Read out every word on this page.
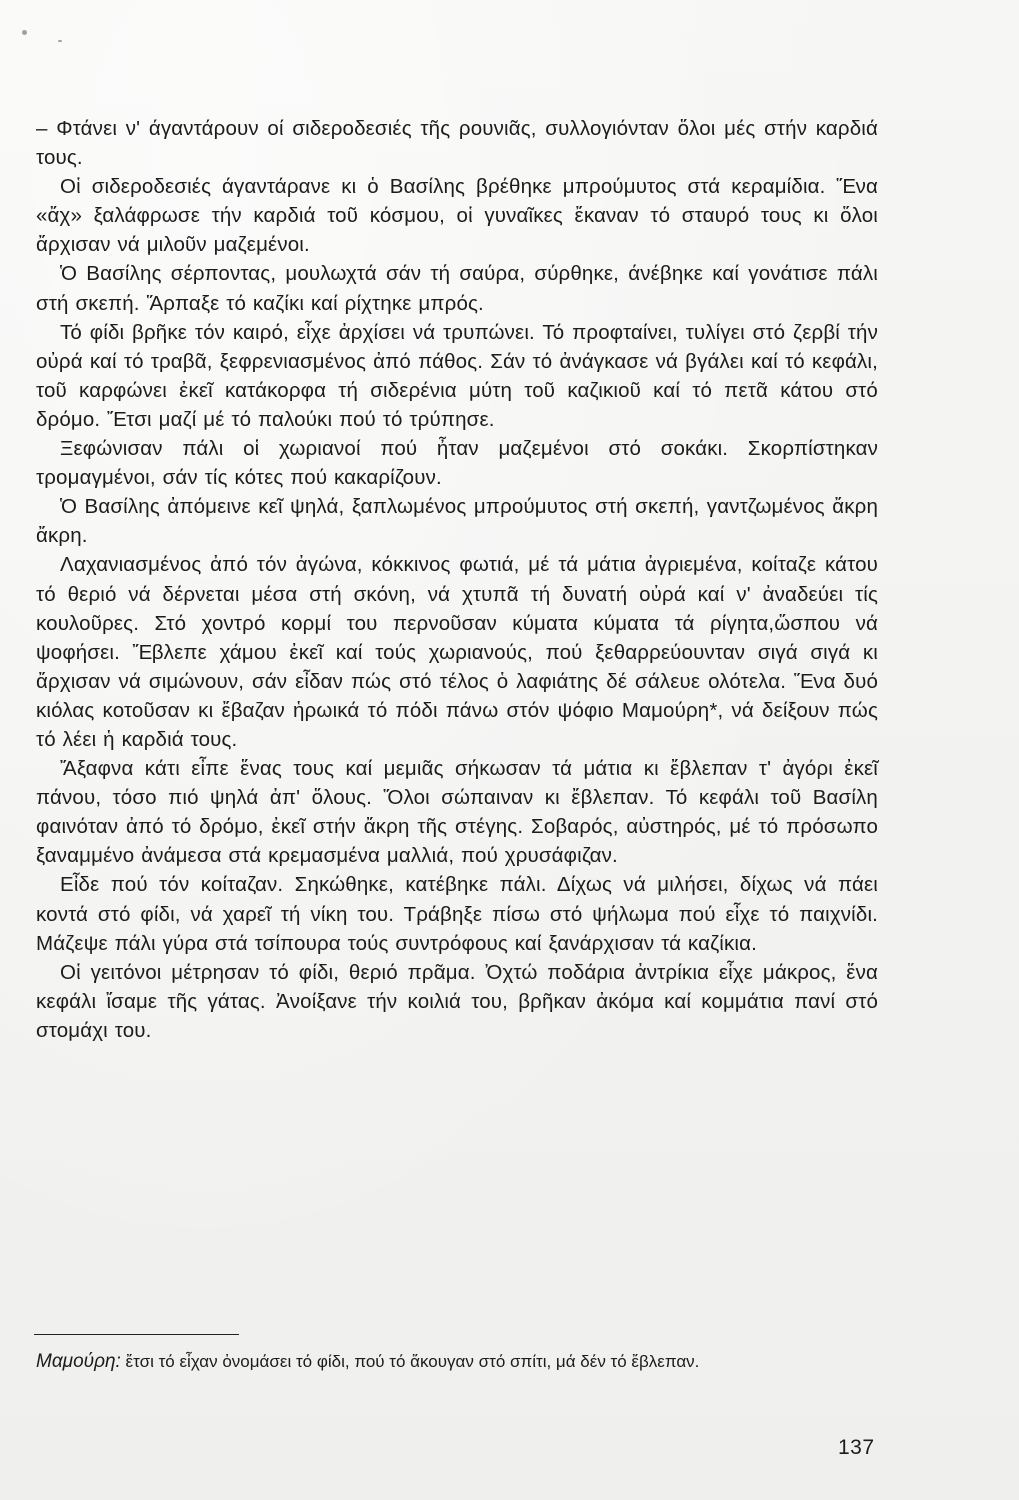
– Φτάνει ν' άγαντάρουν οί σιδεροδεσιές τῆς ρουνιᾶς, συλλογιόνταν ὅλοι μές στήν καρδιά τους.

Οἱ σιδεροδεσιές άγαντάρανε κι ὁ Βασίλης βρέθηκε μπρούμυτος στά κεραμίδια. Ἕνα «ἄχ» ξαλάφρωσε τήν καρδιά τοῦ κόσμου, οἱ γυναῖκες ἔκαναν τό σταυρό τους κι ὅλοι ἄρχισαν νά μιλοῦν μαζεμένοι.

Ὁ Βασίλης σέρποντας, μουλωχτά σάν τή σαύρα, σύρθηκε, άνέβηκε καί γονάτισε πάλι στή σκεπή. Ἅρπαξε τό καζίκι καί ρίχτηκε μπρός.

Τό φίδι βρῆκε τόν καιρό, εἶχε ἀρχίσει νά τρυπώνει. Τό προφταίνει, τυλίγει στό ζερβί τήν οὐρά καί τό τραβᾶ, ξεφρενιασμένος ἀπό πάθος. Σάν τό ἀνάγκασε νά βγάλει καί τό κεφάλι, τοῦ καρφώνει ἐκεῖ κατάκορφα τή σιδερένια μύτη τοῦ καζικιοῦ καί τό πετᾶ κάτου στό δρόμο. Ἔτσι μαζί μέ τό παλούκι πού τό τρύπησε.

Ξεφώνισαν πάλι οἱ χωριανοί πού ἦταν μαζεμένοι στό σοκάκι. Σκορπίστηκαν τρομαγμένοι, σάν τίς κότες πού κακαρίζουν.

Ὁ Βασίλης ἀπόμεινε κεῖ ψηλά, ξαπλωμένος μπρούμυτος στή σκεπή, γαντζωμένος ἄκρη ἄκρη.

Λαχανιασμένος ἀπό τόν ἀγώνα, κόκκινος φωτιά, μέ τά μάτια ἀγριεμένα, κοίταζε κάτου τό θεριό νά δέρνεται μέσα στή σκόνη, νά χτυπᾶ τή δυνατή οὐρά καί ν' ἀναδεύει τίς κουλοῦρες. Στό χοντρό κορμί του περνοῦσαν κύματα κύματα τά ρίγητα,ὥσπου νά ψοφήσει. Ἔβλεπε χάμου ἐκεῖ καί τούς χωριανούς, πού ξεθαρρεύουνταν σιγά σιγά κι ἄρχισαν νά σιμώνουν, σάν εἶδαν πώς στό τέλος ὁ λαφιάτης δέ σάλευε ολότελα. Ἕνα δυό κιόλας κοτοῦσαν κι ἔβαζαν ἡρωικά τό πόδι πάνω στόν ψόφιο Μαμούρη*, νά δείξουν πώς τό λέει ἡ καρδιά τους.

Ἄξαφνα κάτι εἶπε ἕνας τους καί μεμιᾶς σήκωσαν τά μάτια κι ἔβλεπαν τ' ἀγόρι ἐκεῖ πάνου, τόσο πιό ψηλά ἀπ' ὅλους. Ὅλοι σώπαιναν κι ἔβλεπαν. Τό κεφάλι τοῦ Βασίλη φαινόταν ἀπό τό δρόμο, ἐκεῖ στήν ἄκρη τῆς στέγης. Σοβαρός, αὐστηρός, μέ τό πρόσωπο ξαναμμένο ἀνάμεσα στά κρεμασμένα μαλλιά, πού χρυσάφιζαν.

Εἶδε πού τόν κοίταζαν. Σηκώθηκε, κατέβηκε πάλι. Δίχως νά μιλήσει, δίχως νά πάει κοντά στό φίδι, νά χαρεῖ τή νίκη του. Τράβηξε πίσω στό ψήλωμα πού εἶχε τό παιχνίδι. Μάζεψε πάλι γύρα στά τσίπουρα τούς συντρόφους καί ξανάρχισαν τά καζίκια.

Οἱ γειτόνοι μέτρησαν τό φίδι, θεριό πρᾶμα. Ὀχτώ ποδάρια ἀντρίκια εἶχε μάκρος, ἕνα κεφάλι ἴσαμε τῆς γάτας. Ἀνοίξανε τήν κοιλιά του, βρῆκαν ἀκόμα καί κομμάτια πανί στό στομάχι του.

Μαμούρη: ἔτσι τό εἶχαν ὀνομάσει τό φίδι, πού τό ἄκουγαν στό σπίτι, μά δέν τό ἔβλεπαν.
137
